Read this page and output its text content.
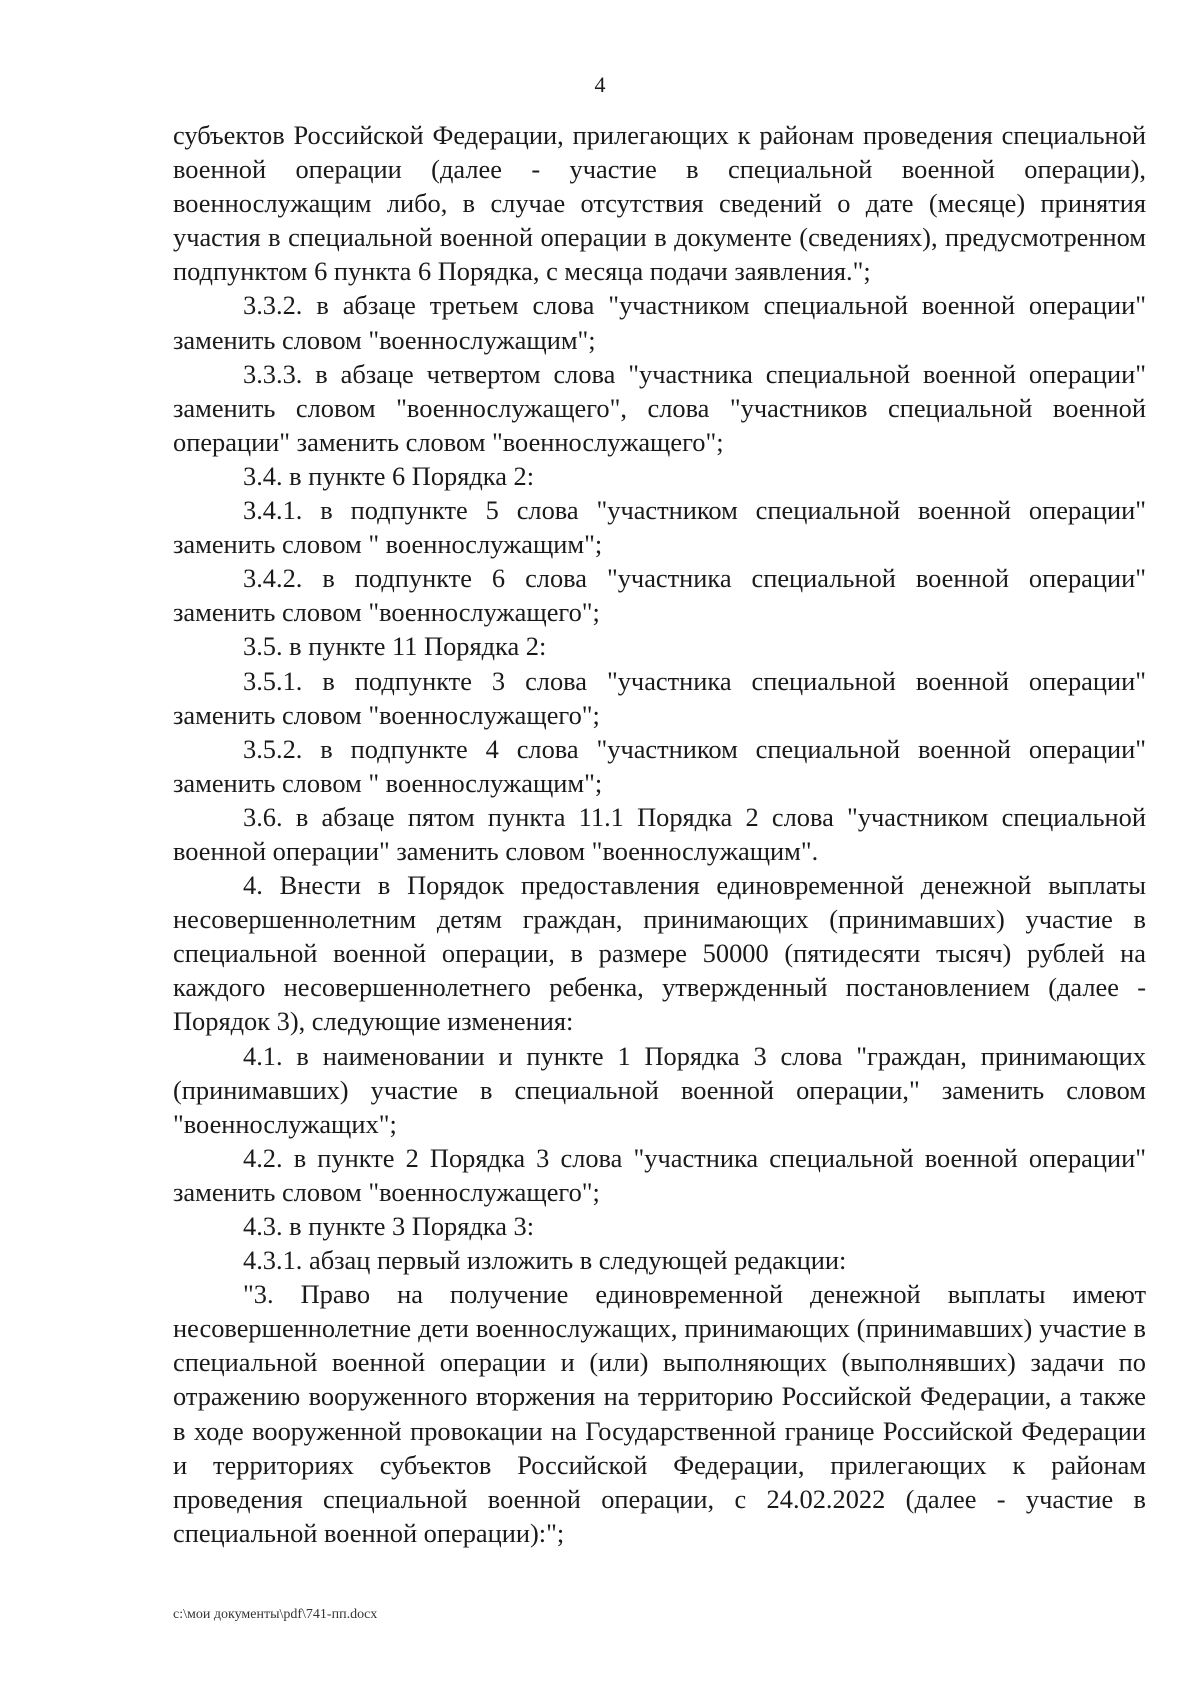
4

субъектов Российской Федерации, прилегающих к районам проведения специальной военной операции (далее - участие в специальной военной операции), военнослужащим либо, в случае отсутствия сведений о дате (месяце) принятия участия в специальной военной операции в документе (сведениях), предусмотренном подпунктом 6 пункта 6 Порядка, с месяца подачи заявления.";

3.3.2. в абзаце третьем слова "участником специальной военной операции" заменить словом "военнослужащим";

3.3.3. в абзаце четвертом слова "участника специальной военной операции" заменить словом "военнослужащего", слова "участников специальной военной операции" заменить словом "военнослужащего";

3.4. в пункте 6 Порядка 2:

3.4.1. в подпункте 5 слова "участником специальной военной операции" заменить словом " военнослужащим";

3.4.2. в подпункте 6 слова "участника специальной военной операции" заменить словом "военнослужащего";

3.5. в пункте 11 Порядка 2:

3.5.1. в подпункте 3 слова "участника специальной военной операции" заменить словом "военнослужащего";

3.5.2. в подпункте 4 слова "участником специальной военной операции" заменить словом " военнослужащим";

3.6. в абзаце пятом пункта 11.1 Порядка 2 слова "участником специальной военной операции" заменить словом "военнослужащим".

4. Внести в Порядок предоставления единовременной денежной выплаты несовершеннолетним детям граждан, принимающих (принимавших) участие в специальной военной операции, в размере 50000 (пятидесяти тысяч) рублей на каждого несовершеннолетнего ребенка, утвержденный постановлением (далее - Порядок 3), следующие изменения:

4.1. в наименовании и пункте 1 Порядка 3 слова "граждан, принимающих (принимавших) участие в специальной военной операции," заменить словом "военнослужащих";

4.2. в пункте 2 Порядка 3 слова "участника специальной военной операции" заменить словом "военнослужащего";

4.3. в пункте 3 Порядка 3:

4.3.1. абзац первый изложить в следующей редакции:

"3. Право на получение единовременной денежной выплаты имеют несовершеннолетние дети военнослужащих, принимающих (принимавших) участие в специальной военной операции и (или) выполняющих (выполнявших) задачи по отражению вооруженного вторжения на территорию Российской Федерации, а также в ходе вооруженной провокации на Государственной границе Российской Федерации и территориях субъектов Российской Федерации, прилегающих к районам проведения специальной военной операции, с 24.02.2022 (далее - участие в специальной военной операции):";

c:\мои документы\pdf\741-пп.docx
